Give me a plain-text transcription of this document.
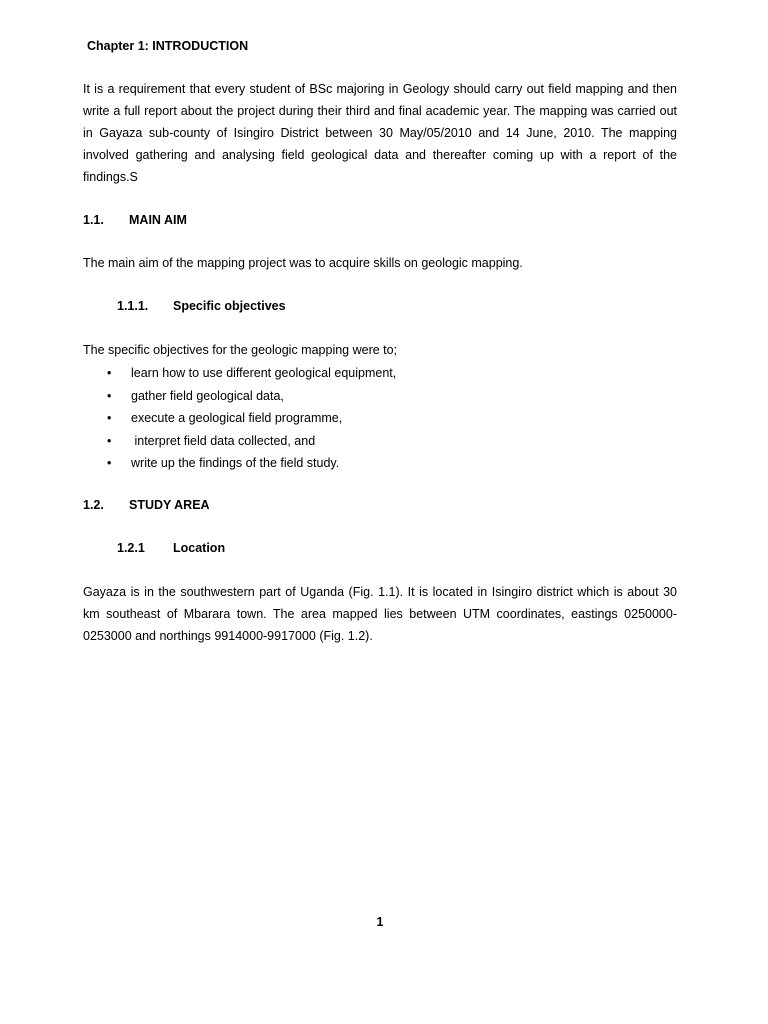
Chapter 1: INTRODUCTION

It is a requirement that every student of BSc majoring in Geology should carry out field mapping and then write a full report about the project during their third and final academic year. The mapping was carried out in Gayaza sub-county of Isingiro District between 30 May/05/2010 and 14 June, 2010. The mapping involved gathering and analysing field geological data and thereafter coming up with a report of the findings.S

1.1. MAIN AIM

The main aim of the mapping project was to acquire skills on geologic mapping.

1.1.1. Specific objectives

The specific objectives for the geologic mapping were to;

• learn how to use different geological equipment,
• gather field geological data,
• execute a geological field programme,
• interpret field data collected, and
• write up the findings of the field study.

1.2. STUDY AREA

1.2.1 Location

Gayaza is in the southwestern part of Uganda (Fig. 1.1). It is located in Isingiro district which is about 30 km southeast of Mbarara town. The area mapped lies between UTM coordinates, eastings 0250000-0253000 and northings 9914000-9917000 (Fig. 1.2).

1
